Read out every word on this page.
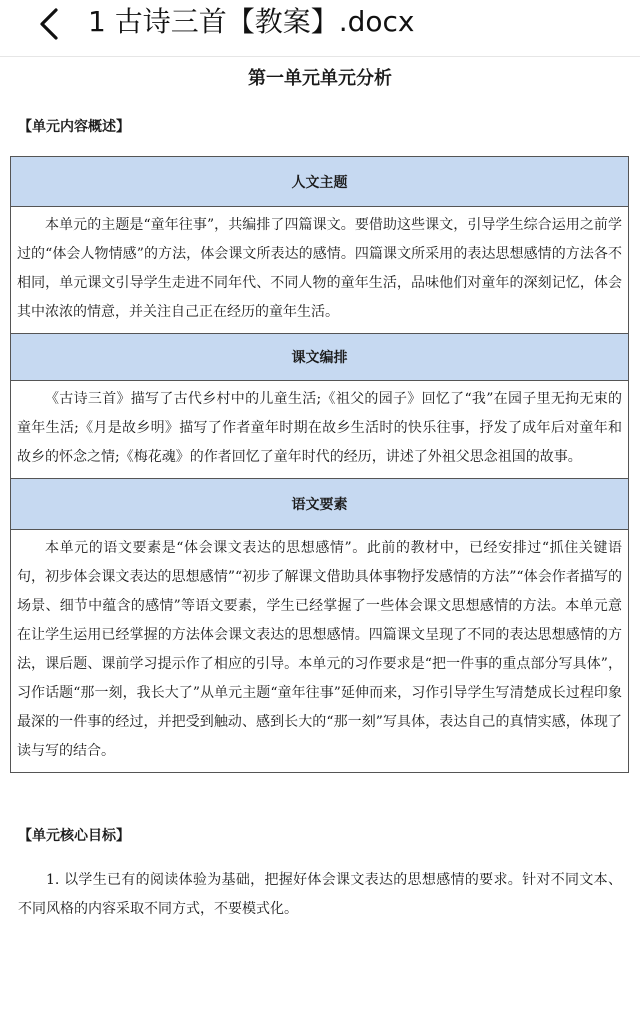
1 古诗三首【教案】.docx
第一单元单元分析
【单元内容概述】
人文主题
本单元的主题是“童年往事”，共编排了四篇课文。要借助这些课文，引导学生综合运用之前学过的“体会人物情感”的方法，体会课文所表达的感情。四篇课文所采用的表达思想感情的方法各不相同，单元课文引导学生走进不同年代、不同人物的童年生活，品味他们对童年的深刻记忆，体会其中浓浓的情意，并关注自己正在经历的童年生活。
课文编排
《古诗三首》描写了古代乡村中的儿童生活;《祖父的园子》回忆了“我”在园子里无拘无束的童年生活;《月是故乡明》描写了作者童年时期在故乡生活时的快乐往事，抒发了成年后对童年和故乡的怀念之情;《梅花魂》的作者回忆了童年时代的经历，讲述了外祖父思念祖国的故事。
语文要素
本单元的语文要素是“体会课文表达的思想感情”。此前的教材中，已经安排过“抓住关键语句，初步体会课文表达的思想感情”“初步了解课文借助具体事物抒发感情的方法”“体会作者描写的场景、细节中蕴含的感情”等语文要素，学生已经掌握了一些体会课文思想感情的方法。本单元意在让学生运用已经掌握的方法体会课文表达的思想感情。四篇课文呈现了不同的表达思想感情的方法，课后题、课前学习提示作了相应的引导。本单元的习作要求是“把一件事的重点部分写具体”，习作话题“那一刻，我长大了”从单元主题“童年往事”延伸而来，习作引导学生写清楚成长过程印象最深的一件事的经过，并把受到触动、感到长大的“那一刻”写具体，表达自己的真情实感，体现了读与写的结合。
【单元核心目标】
1. 以学生已有的阅读体验为基础，把握好体会课文表达的思想感情的要求。针对不同文本、不同风格的内容采取不同方式，不要模式化。
